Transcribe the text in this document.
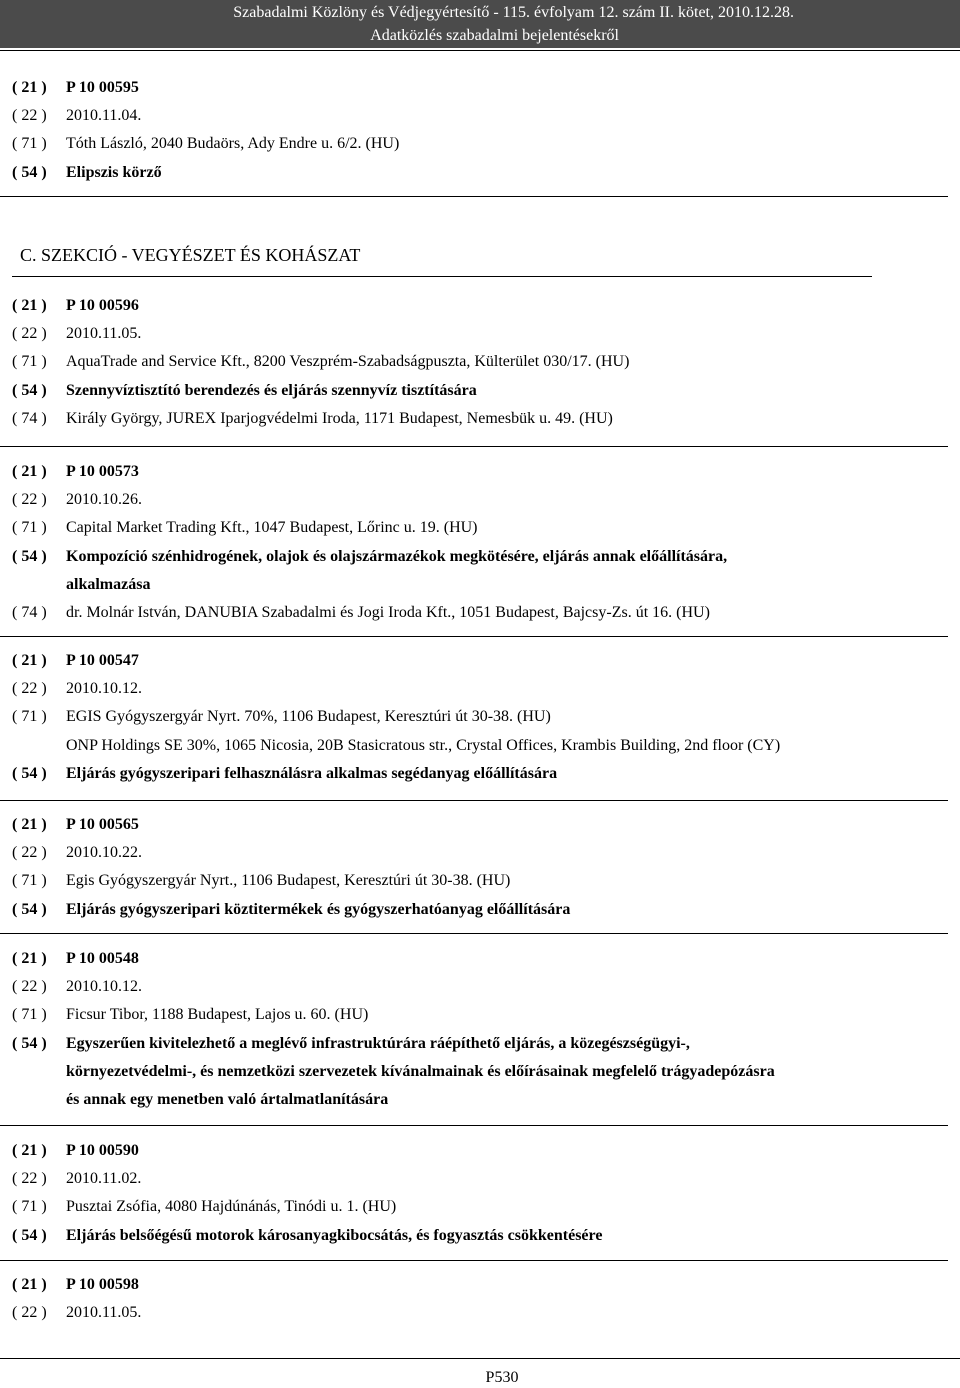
Szabadalmi Közlöny és Védjegyértesítő - 115. évfolyam 12. szám II. kötet, 2010.12.28.
Adatközlés szabadalmi bejelentésekről
( 21 ) P 10 00595
( 22 ) 2010.11.04.
( 71 ) Tóth László, 2040 Budaörs, Ady Endre u. 6/2. (HU)
( 54 ) Elipszis körző
C. SZEKCIÓ - VEGYÉSZET ÉS KOHÁSZAT
( 21 ) P 10 00596
( 22 ) 2010.11.05.
( 71 ) AquaTrade and Service Kft., 8200 Veszprém-Szabadságpuszta, Külterület 030/17. (HU)
( 54 ) Szennyvíztisztító berendezés és eljárás szennyvíz tisztítására
( 74 ) Király György, JUREX Iparjogvédelmi Iroda, 1171 Budapest, Nemesbük u. 49. (HU)
( 21 ) P 10 00573
( 22 ) 2010.10.26.
( 71 ) Capital Market Trading Kft., 1047 Budapest, Lőrinc u. 19. (HU)
( 54 ) Kompozíció szénhidrogének, olajok és olajszármazékok megkötésére, eljárás annak előállítására,
alkalmazása
( 74 ) dr. Molnár István, DANUBIA Szabadalmi és Jogi Iroda Kft., 1051 Budapest, Bajcsy-Zs. út 16. (HU)
( 21 ) P 10 00547
( 22 ) 2010.10.12.
( 71 ) EGIS Gyógyszergyár Nyrt. 70%, 1106 Budapest, Keresztúri út 30-38. (HU)
ONP Holdings SE 30%, 1065 Nicosia, 20B Stasicratous str., Crystal Offices, Krambis Building, 2nd floor (CY)
( 54 ) Eljárás gyógyszeripari felhasználásra alkalmas segédanyag előállítására
( 21 ) P 10 00565
( 22 ) 2010.10.22.
( 71 ) Egis Gyógyszergyár Nyrt., 1106 Budapest, Keresztúri út 30-38. (HU)
( 54 ) Eljárás gyógyszeripari köztitermékek és gyógyszerhatóanyag előállítására
( 21 ) P 10 00548
( 22 ) 2010.10.12.
( 71 ) Ficsur Tibor, 1188 Budapest, Lajos u. 60. (HU)
( 54 ) Egyszerűen kivitelezhető a meglévő infrastruktúrára ráépíthető eljárás, a közegészségügyi-,
környezetvédelmi-, és nemzetközi szervezetek kívánalmainak és előírásainak megfelelő trágyadepózásra
és annak egy menetben való ártalmatlanítására
( 21 ) P 10 00590
( 22 ) 2010.11.02.
( 71 ) Pusztai Zsófia, 4080 Hajdúnánás, Tinódi u. 1. (HU)
( 54 ) Eljárás belsőégésű motorok károsanyagkibocsátás, és fogyasztás csökkentésére
( 21 ) P 10 00598
( 22 ) 2010.11.05.
P530
